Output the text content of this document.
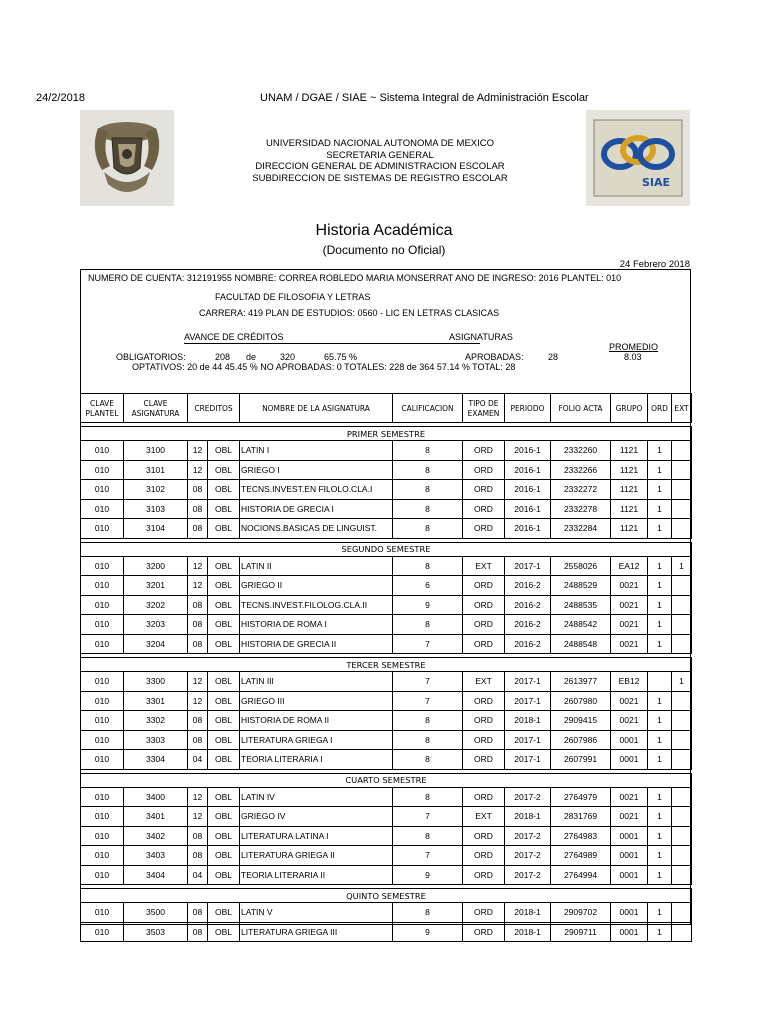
24/2/2018	UNAM / DGAE / SIAE ~ Sistema Integral de Administración Escolar
UNIVERSIDAD NACIONAL AUTONOMA DE MEXICO
SECRETARIA GENERAL
DIRECCION GENERAL DE ADMINISTRACION ESCOLAR
SUBDIRECCION DE SISTEMAS DE REGISTRO ESCOLAR	SIAE
Historia Académica
(Documento no Oficial)
24 Febrero 2018
NUMERO DE CUENTA: 312191955 NOMBRE: CORREA ROBLEDO MARIA MONSERRAT ANO DE INGRESO: 2016 PLANTEL: 010
FACULTAD DE FILOSOFIA Y LETRAS
CARRERA: 419 PLAN DE ESTUDIOS: 0560 - LIC EN LETRAS CLASICAS
AVANCE DE CRÉDITOS	ASIGNATURAS
PROMEDIO
8.03
OBLIGATORIOS:	208 de	320	65.75 %	APROBADAS:	28
OPTATIVOS: 20 de 44 45.45 % NO APROBADAS: 0 TOTALES: 228 de 364 57.14 % TOTAL: 28
CLAVE
PLANTEL	CLAVE
ASIGNATURA	CREDITOS		NOMBRE DE LA ASIGNATURA	CALIFICACION	TIPO DE
EXAMEN	PERIODO	FOLIO ACTA	GRUPO	ORD	EXT

PRIMER SEMESTRE											
010	3100	12	OBL	LATIN I	8	ORD	2016-1	2332260	1121	1	
010	3101	12	OBL	GRIEGO I	8	ORD	2016-1	2332266	1121	1	
010	3102	08	OBL	TECNS.INVEST.EN FILOLO.CLA.I	8	ORD	2016-1	2332272	1121	1	
010	3103	08	OBL	HISTORIA DE GRECIA I	8	ORD	2016-1	2332278	1121	1	
010	3104	08	OBL	NOCIONS.BASICAS DE LINGUIST.	8	ORD	2016-1	2332284	1121	1	

SEGUNDO SEMESTRE											
010	3200	12	OBL	LATIN II	8	EXT	2017-1	2558026	EA12	1	1
010	3201	12	OBL	GRIEGO II	6	ORD	2016-2	2488529	0021	1	
010	3202	08	OBL	TECNS.INVEST.FILOLOG.CLA.II	9	ORD	2016-2	2488535	0021	1	
010	3203	08	OBL	HISTORIA DE ROMA I	8	ORD	2016-2	2488542	0021	1	
010	3204	08	OBL	HISTORIA DE GRECIA II	7	ORD	2016-2	2488548	0021	1	

TERCER SEMESTRE											
010	3300	12	OBL	LATIN III	7	EXT	2017-1	2613977	EB12		1
010	3301	12	OBL	GRIEGO III	7	ORD	2017-1	2607980	0021	1	
010	3302	08	OBL	HISTORIA DE ROMA II	8	ORD	2018-1	2909415	0021	1	
010	3303	08	OBL	LITERATURA GRIEGA I	8	ORD	2017-1	2607986	0001	1	
010	3304	04	OBL	TEORIA LITERARIA I	8	ORD	2017-1	2607991	0001	1	

CUARTO SEMESTRE											
010	3400	12	OBL	LATIN IV	8	ORD	2017-2	2764979	0021	1	
010	3401	12	OBL	GRIEGO IV	7	EXT	2018-1	2831769	0021	1	
010	3402	08	OBL	LITERATURA LATINA I	8	ORD	2017-2	2764983	0001	1	
010	3403	08	OBL	LITERATURA GRIEGA II	7	ORD	2017-2	2764989	0001	1	
010	3404	04	OBL	TEORIA LITERARIA II	9	ORD	2017-2	2764994	0001	1	

QUINTO SEMESTRE											
010	3500	08	OBL	LATIN V	8	ORD	2018-1	2909702	0001	1	
010	3503	08	OBL	LITERATURA GRIEGA III	9	ORD	2018-1	2909711	0001	1	
